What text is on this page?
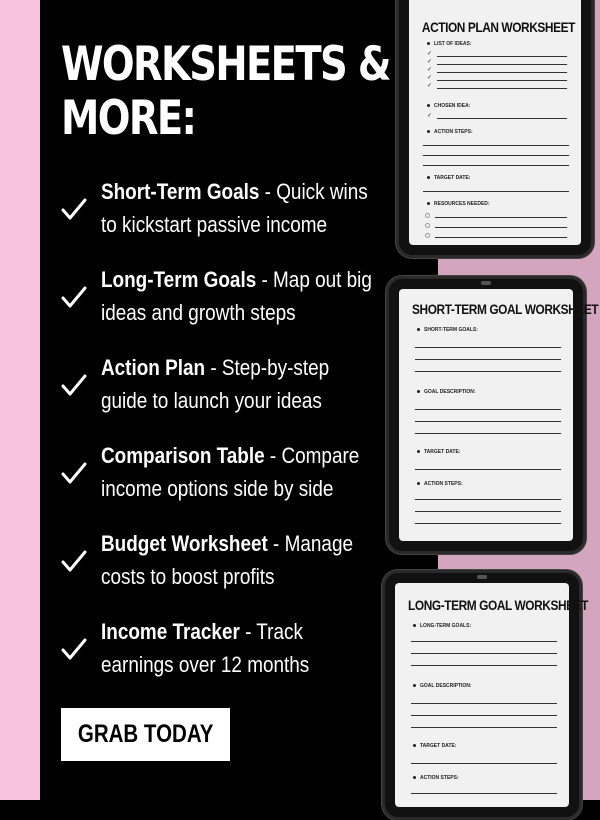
WORKSHEETS &
MORE:
Short-Term Goals - Quick wins
to kickstart passive income
Long-Term Goals - Map out big
ideas and growth steps
Action Plan - Step-by-step
guide to launch your ideas
Comparison Table - Compare
income options side by side
Budget Worksheet - Manage
costs to boost profits
Income Tracker - Track
earnings over 12 months
GRAB TODAY
ACTION PLAN WORKSHEET
LIST OF IDEAS:
✓
✓
✓
✓
✓
CHOSEN IDEA:
✓
ACTION STEPS:
TARGET DATE:
RESOURCES NEEDED:
SHORT-TERM GOAL WORKSHEET
SHORT-TERM GOALS:
GOAL DESCRIPTION:
TARGET DATE:
ACTION STEPS:
LONG-TERM GOAL WORKSHEET
LONG-TERM GOALS:
GOAL DESCRIPTION:
TARGET DATE:
ACTION STEPS:
